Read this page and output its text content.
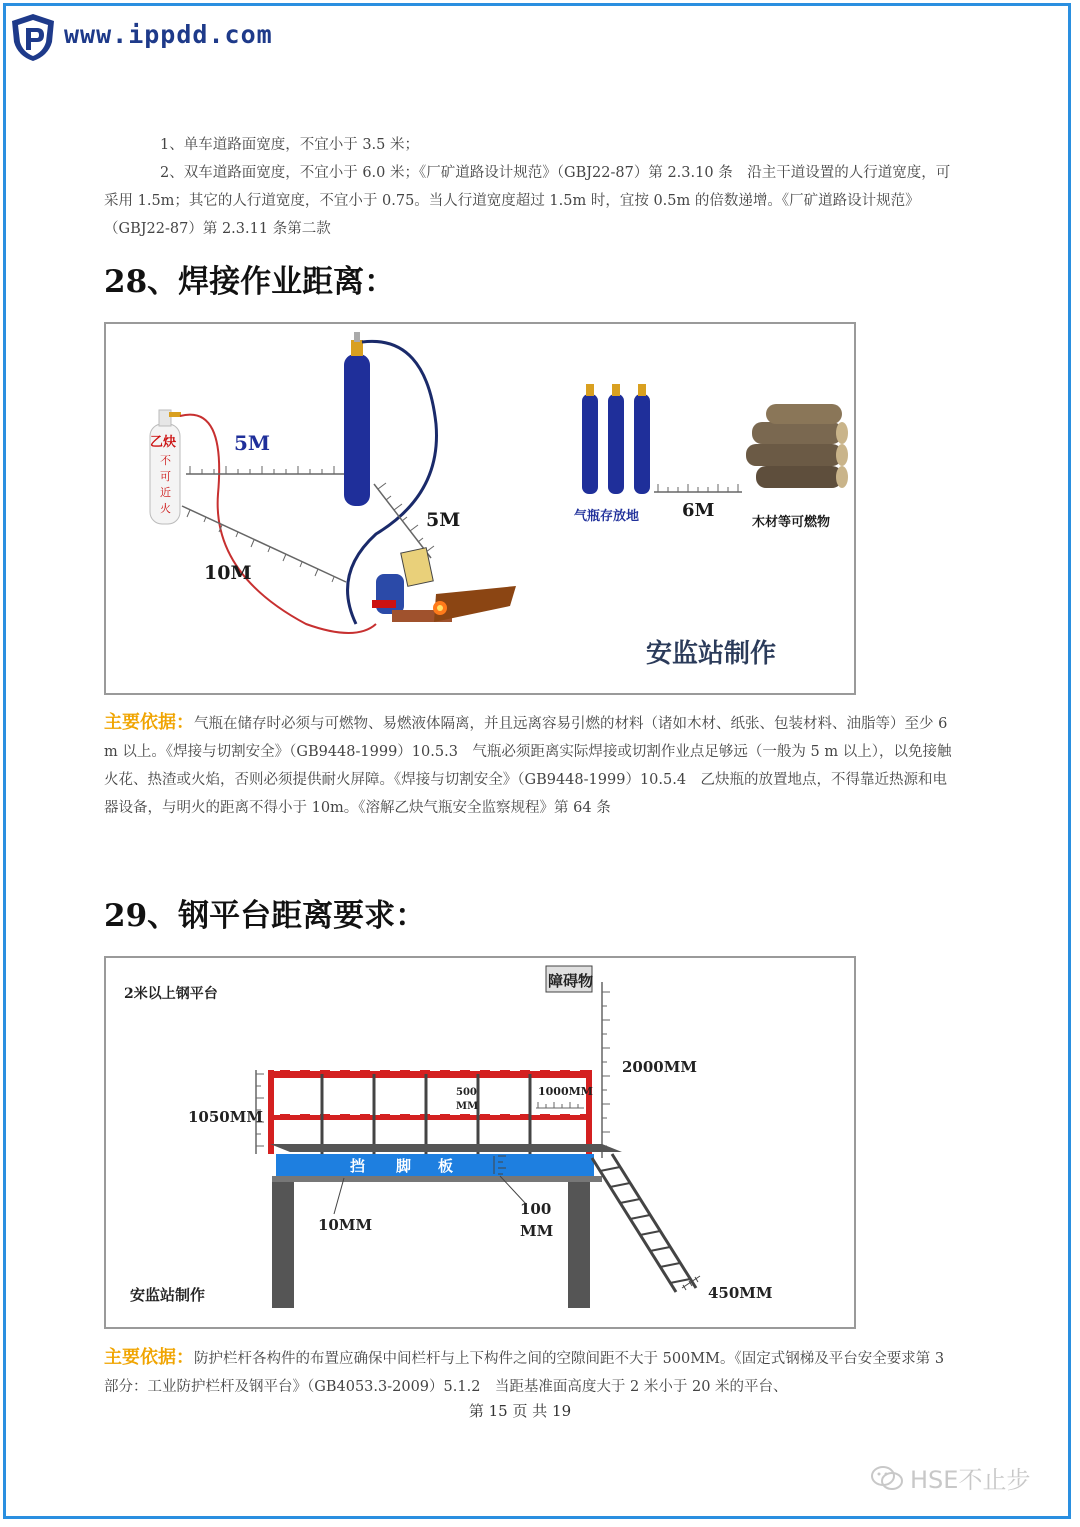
www.ippdd.com
1、单车道路面宽度，不宜小于 3.5 米；
2、双车道路面宽度，不宜小于 6.0 米；《厂矿道路设计规范》（GBJ22-87）第 2.3.10 条　沿主干道设置的人行道宽度，可采用 1.5m；其它的人行道宽度，不宜小于 0.75。当人行道宽度超过 1.5m 时，宜按 0.5m 的倍数递增。《厂矿道路设计规范》（GBJ22-87）第 2.3.11 条第二款
28、焊接作业距离：
乙炔
不
可
近
火
5M
5M
10M
气瓶存放地 6M
木材等可燃物
安监站制作
主要依据：气瓶在储存时必须与可燃物、易燃液体隔离，并且远离容易引燃的材料（诸如木材、纸张、包装材料、油脂等）至少 6 m 以上。《焊接与切割安全》（GB9448-1999）10.5.3　气瓶必须距离实际焊接或切割作业点足够远（一般为 5 m 以上），以免接触火花、热渣或火焰，否则必须提供耐火屏障。《焊接与切割安全》（GB9448-1999）10.5.4　乙炔瓶的放置地点，不得靠近热源和电器设备，与明火的距离不得小于 10m。《溶解乙炔气瓶安全监察规程》第 64 条
29、钢平台距离要求：
2米以上钢平台
障碍物
2000MM
1050MM
500
MM
1000MM
挡 脚 板
10MM
100
MM
450MM
安监站制作
主要依据：防护栏杆各构件的布置应确保中间栏杆与上下构件之间的空隙间距不大于 500MM。《固定式钢梯及平台安全要求第 3 部分：工业防护栏杆及钢平台》（GB4053.3-2009）5.1.2　当距基准面高度大于 2 米小于 20 米的平台、
第 15 页 共 19
HSE不止步
